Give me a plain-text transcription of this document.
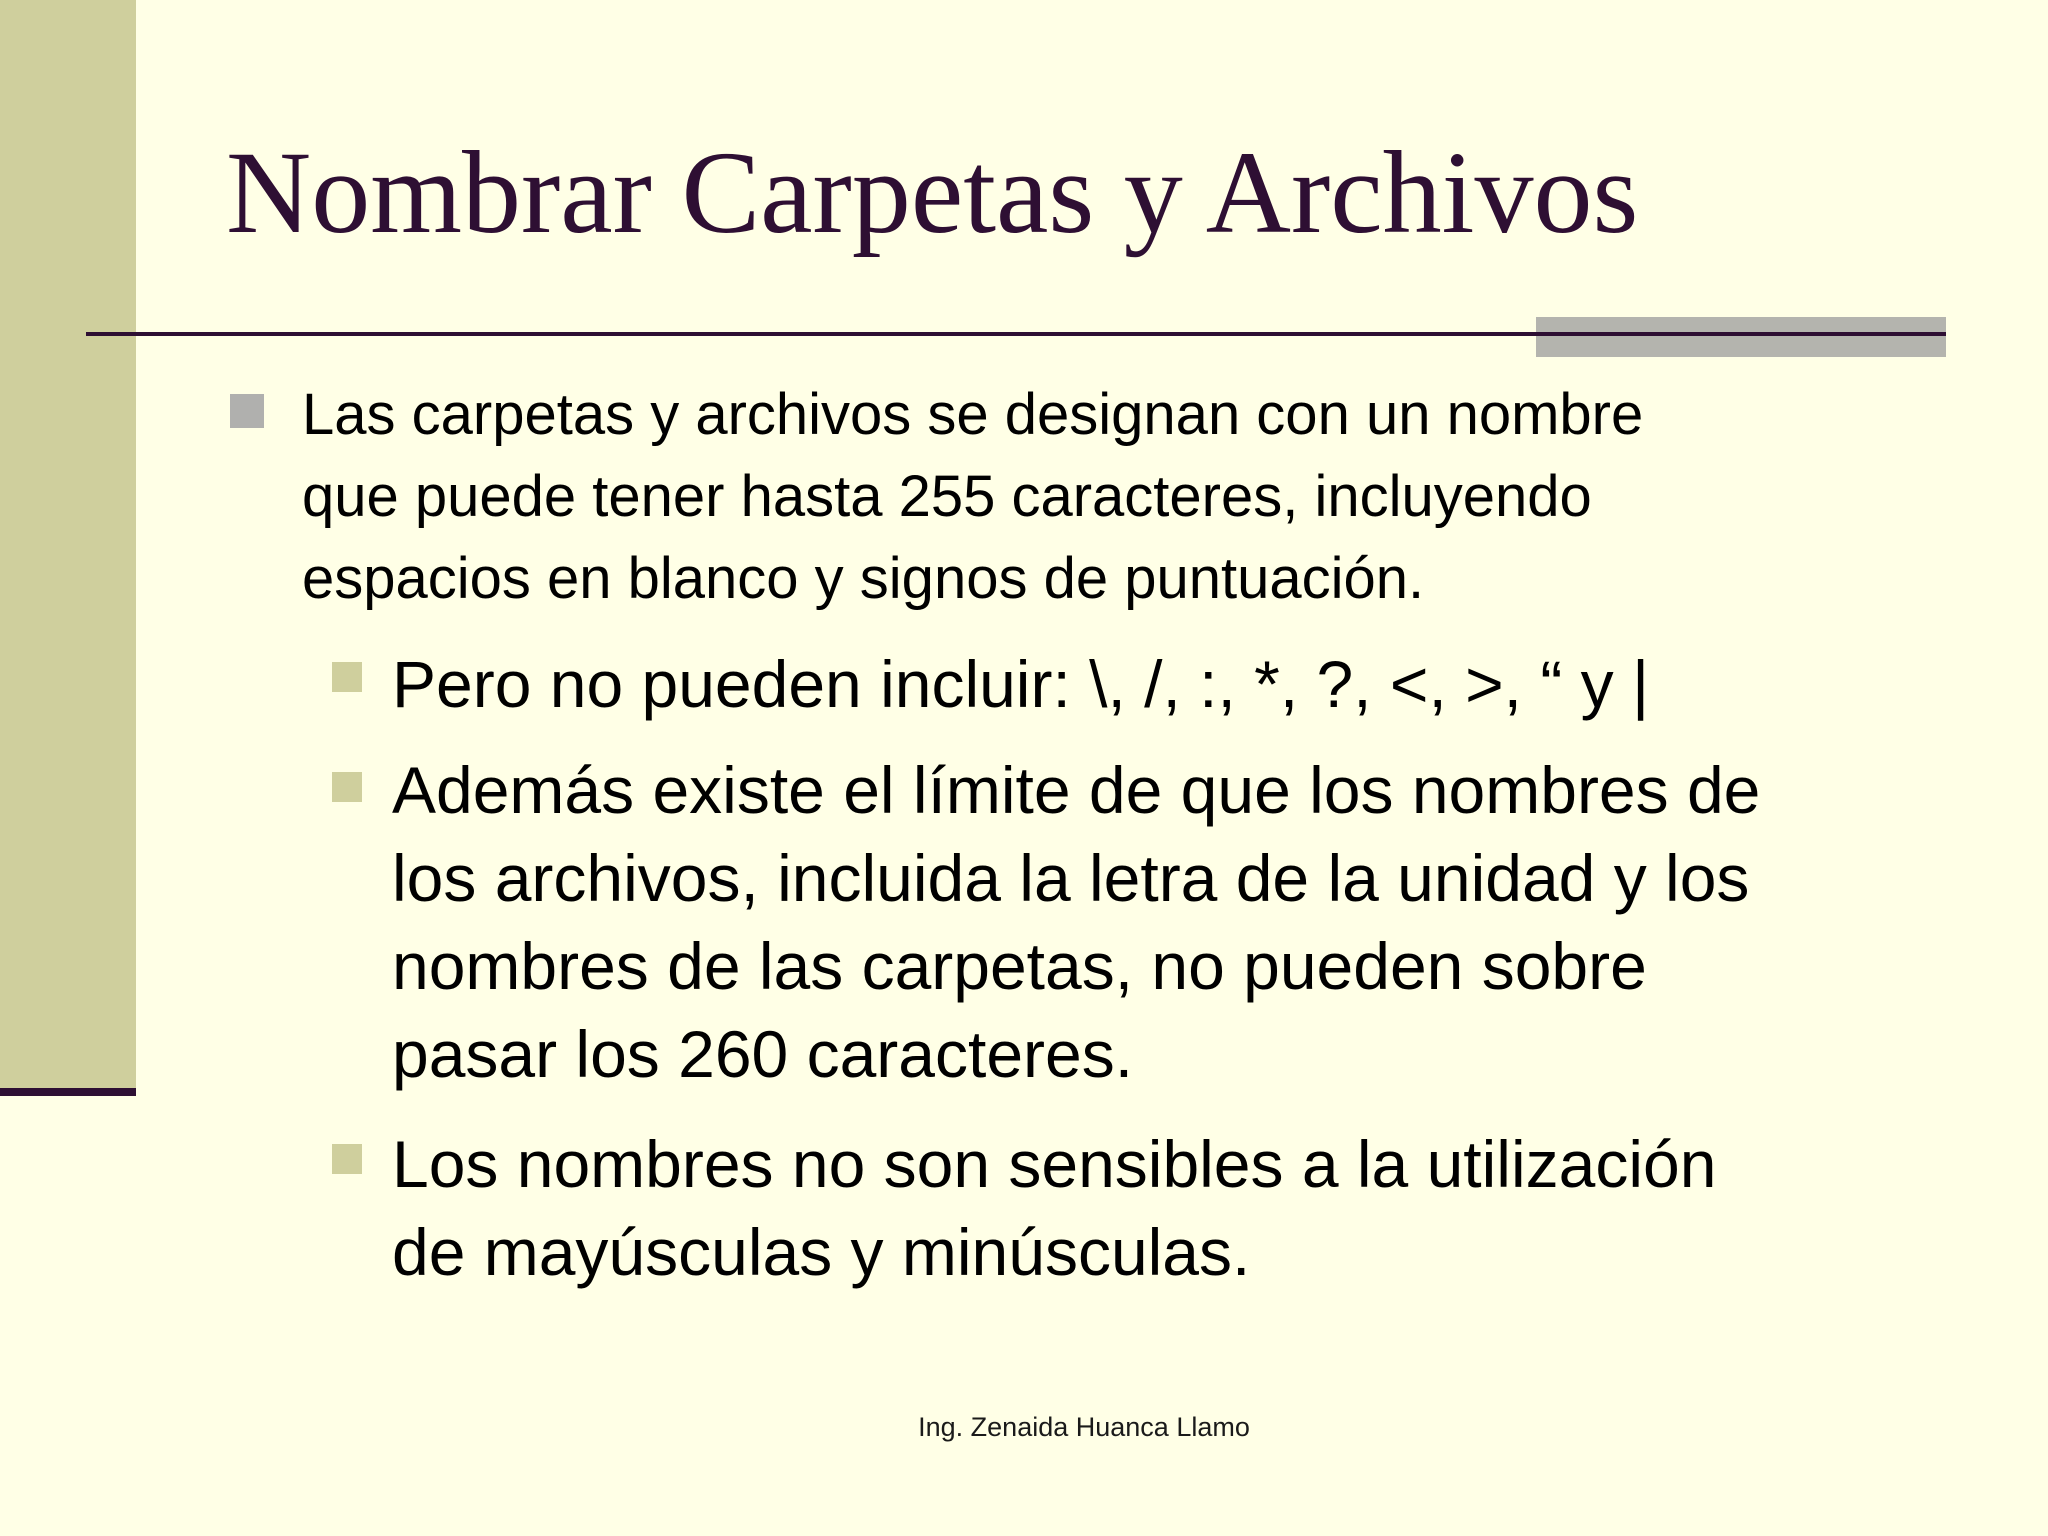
Nombrar Carpetas y Archivos
Las carpetas y archivos se designan con un nombre
que puede tener hasta 255 caracteres, incluyendo
espacios en blanco y signos de puntuación.
Pero no pueden incluir: \, /, :, *, ?, <, >, “ y |
Además existe el límite de que los nombres de
los archivos, incluida la letra de la unidad y los
nombres de las carpetas, no pueden sobre
pasar los 260 caracteres.
Los nombres no son sensibles a la utilización
de mayúsculas y minúsculas.
Ing. Zenaida Huanca Llamo
